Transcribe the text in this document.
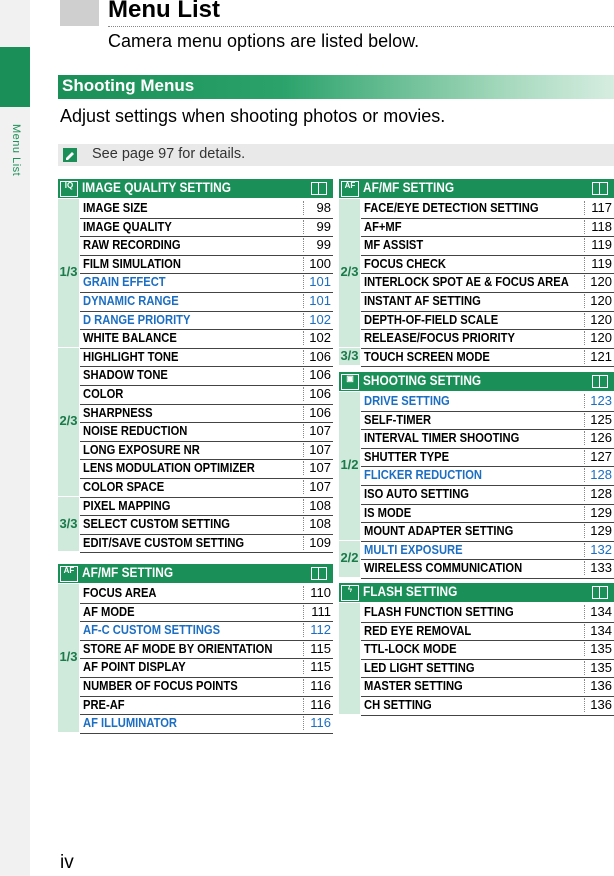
Menu List
Menu List
Camera menu options are listed below.
Shooting Menus
Adjust settings when shooting photos or movies.
See page 97 for details.
IQ IMAGE QUALITY SETTING
1/3
IMAGE SIZE	98
IMAGE QUALITY	99
RAW RECORDING	99
FILM SIMULATION	100
GRAIN EFFECT	101
DYNAMIC RANGE	101
D RANGE PRIORITY	102
WHITE BALANCE	102
2/3
HIGHLIGHT TONE	106
SHADOW TONE	106
COLOR	106
SHARPNESS	106
NOISE REDUCTION	107
LONG EXPOSURE NR	107
LENS MODULATION OPTIMIZER	107
COLOR SPACE	107
3/3
PIXEL MAPPING	108
SELECT CUSTOM SETTING	108
EDIT/SAVE CUSTOM SETTING	109
AF AF/MF SETTING
1/3
FOCUS AREA	110
AF MODE	111
AF-C CUSTOM SETTINGS	112
STORE AF MODE BY ORIENTATION	115
AF POINT DISPLAY	115
NUMBER OF FOCUS POINTS	116
PRE-AF	116
AF ILLUMINATOR	116
AF AF/MF SETTING
2/3
FACE/EYE DETECTION SETTING	117
AF+MF	118
MF ASSIST	119
FOCUS CHECK	119
INTERLOCK SPOT AE & FOCUS AREA 120
INSTANT AF SETTING	120
DEPTH-OF-FIELD SCALE	120
RELEASE/FOCUS PRIORITY	120
3/3 TOUCH SCREEN MODE	121
▣ SHOOTING SETTING
1/2
DRIVE SETTING	123
SELF-TIMER	125
INTERVAL TIMER SHOOTING	126
SHUTTER TYPE	127
FLICKER REDUCTION	128
ISO AUTO SETTING	128
IS MODE	129
MOUNT ADAPTER SETTING	129
2/2
MULTI EXPOSURE	132
WIRELESS COMMUNICATION	133
ϟ FLASH SETTING
FLASH FUNCTION SETTING	134
RED EYE REMOVAL	134
TTL-LOCK MODE	135
LED LIGHT SETTING	135
MASTER SETTING	136
CH SETTING	136
iv
